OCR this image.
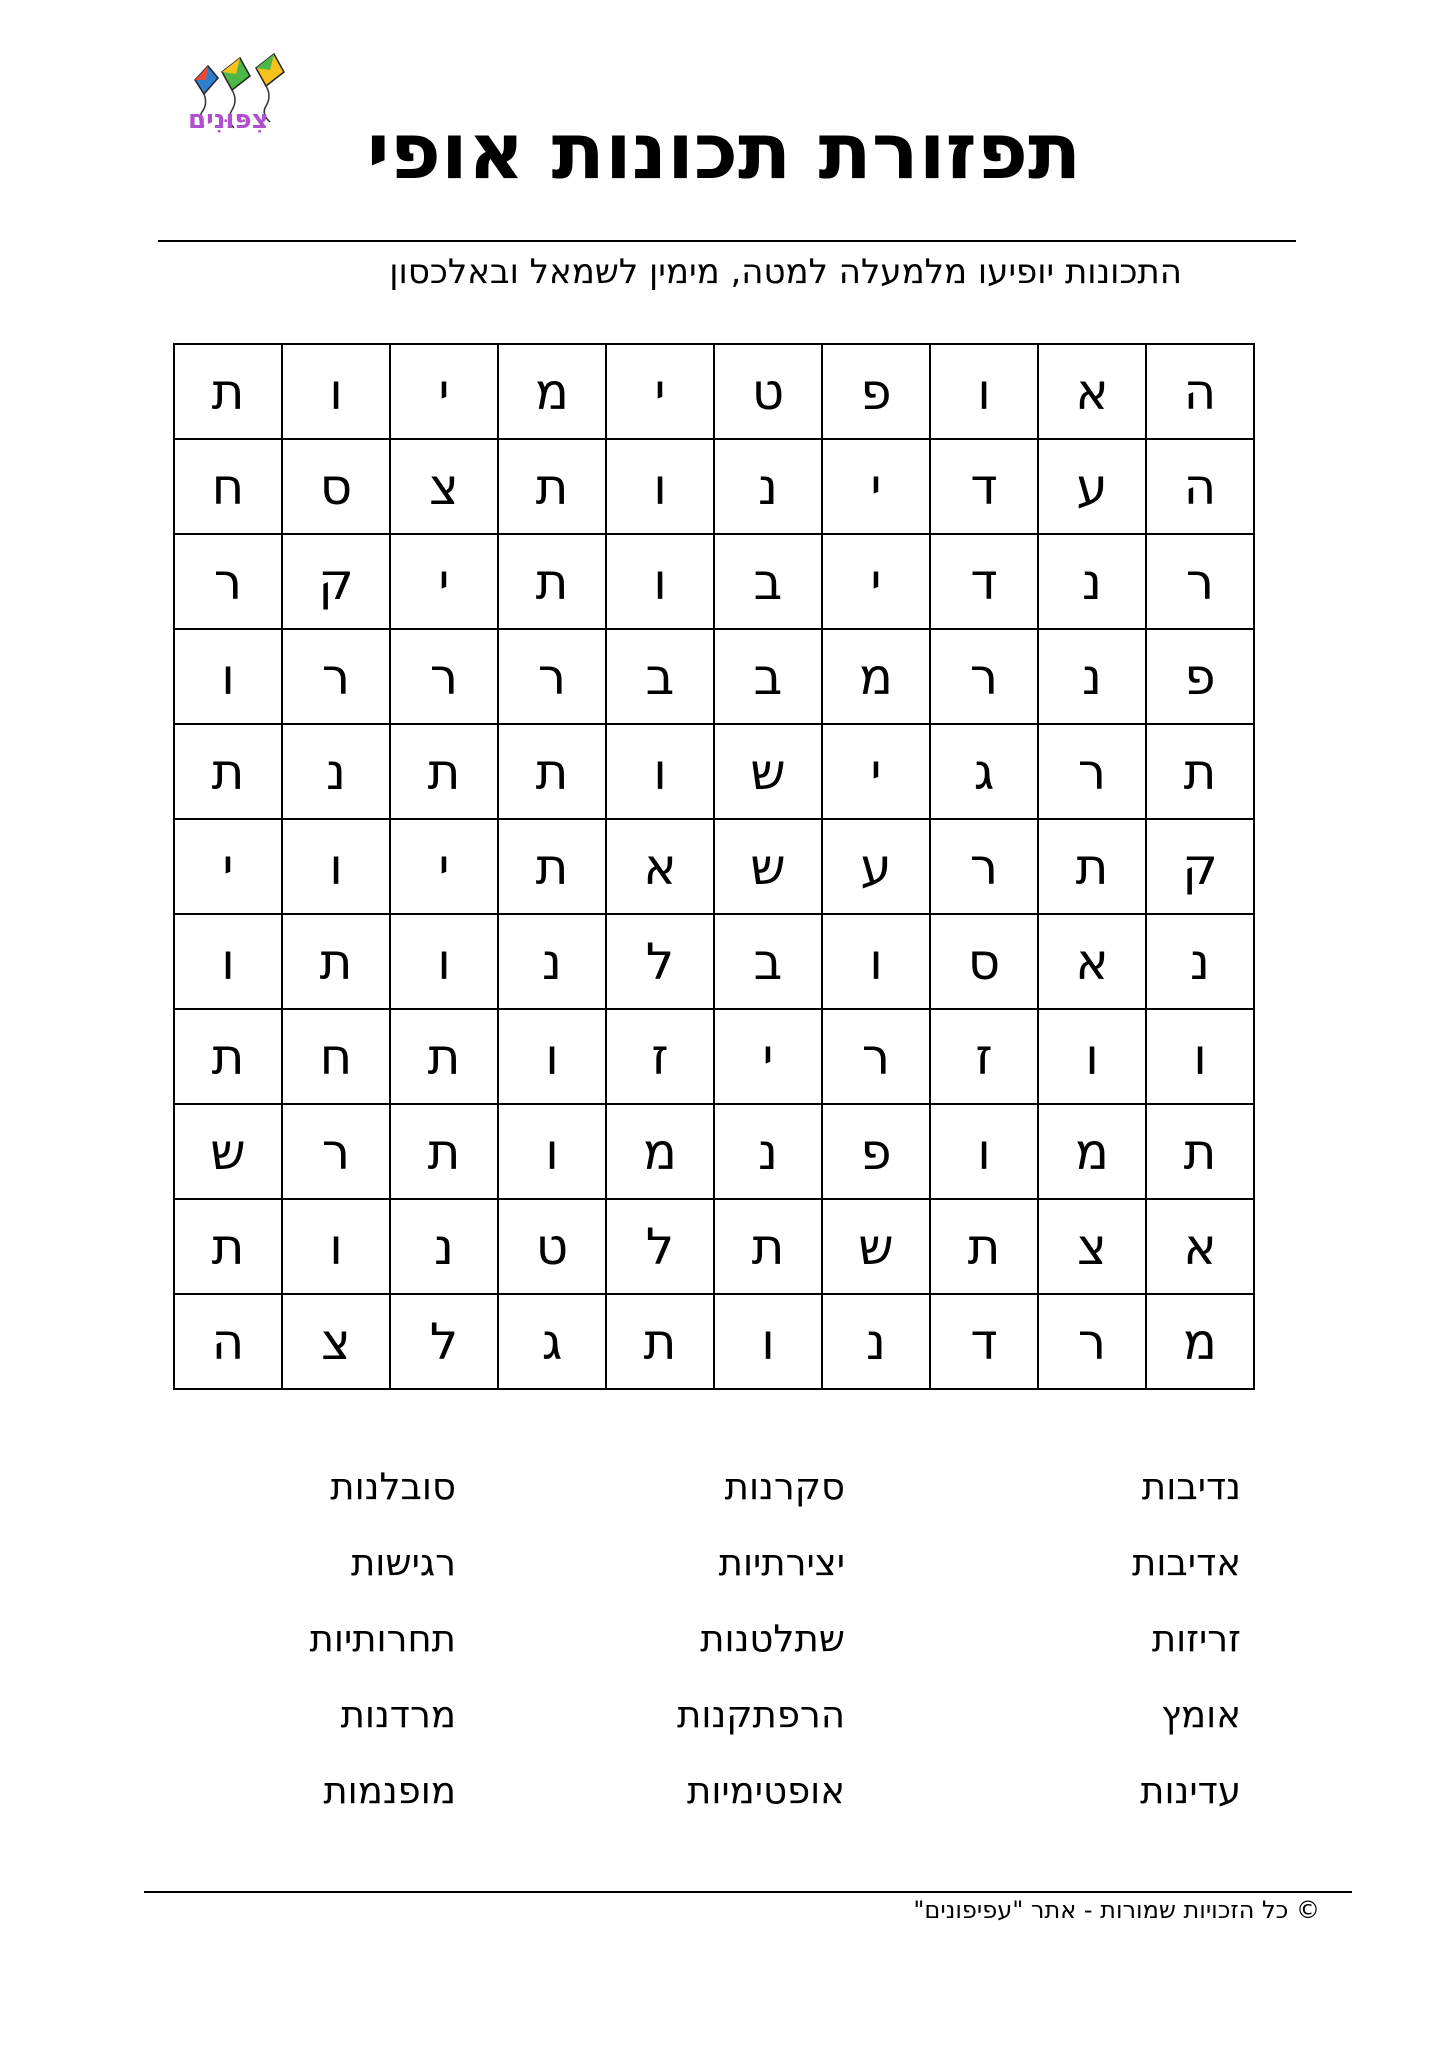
צִפּוּנִים	תפזורת תכונות אופי

התכונות יופיעו מלמעלה למטה, מימין לשמאל ובאלכסון

ה	א	ו	פ	ט	י	מ	י	ו	ת
ה	ע	ד	י	נ	ו	ת	צ	ס	ח
ר	נ	ד	י	ב	ו	ת	י	ק	ר
פ	נ	ר	מ	ב	ב	ר	ר	ר	ו
ת	ר	ג	י	ש	ו	ת	ת	נ	ת
ק	ת	ר	ע	ש	א	ת	י	ו	י
נ	א	ס	ו	ב	ל	נ	ו	ת	ו
ו	ו	ז	ר	י	ז	ו	ת	ח	ת
ת	מ	ו	פ	נ	מ	ו	ת	ר	ש
א	צ	ת	ש	ת	ל	ט	נ	ו	ת
מ	ר	ד	נ	ו	ת	ג	ל	צ	ה
נדיבות
אדיבות
זריזות
אומץ
עדינות
סקרנות
יצירתיות
שתלטנות
הרפתקנות
אופטימיות
סובלנות
רגישות
תחרותיות
מרדנות
מופנמות

© כל הזכויות שמורות - אתר "עפיפונים"
